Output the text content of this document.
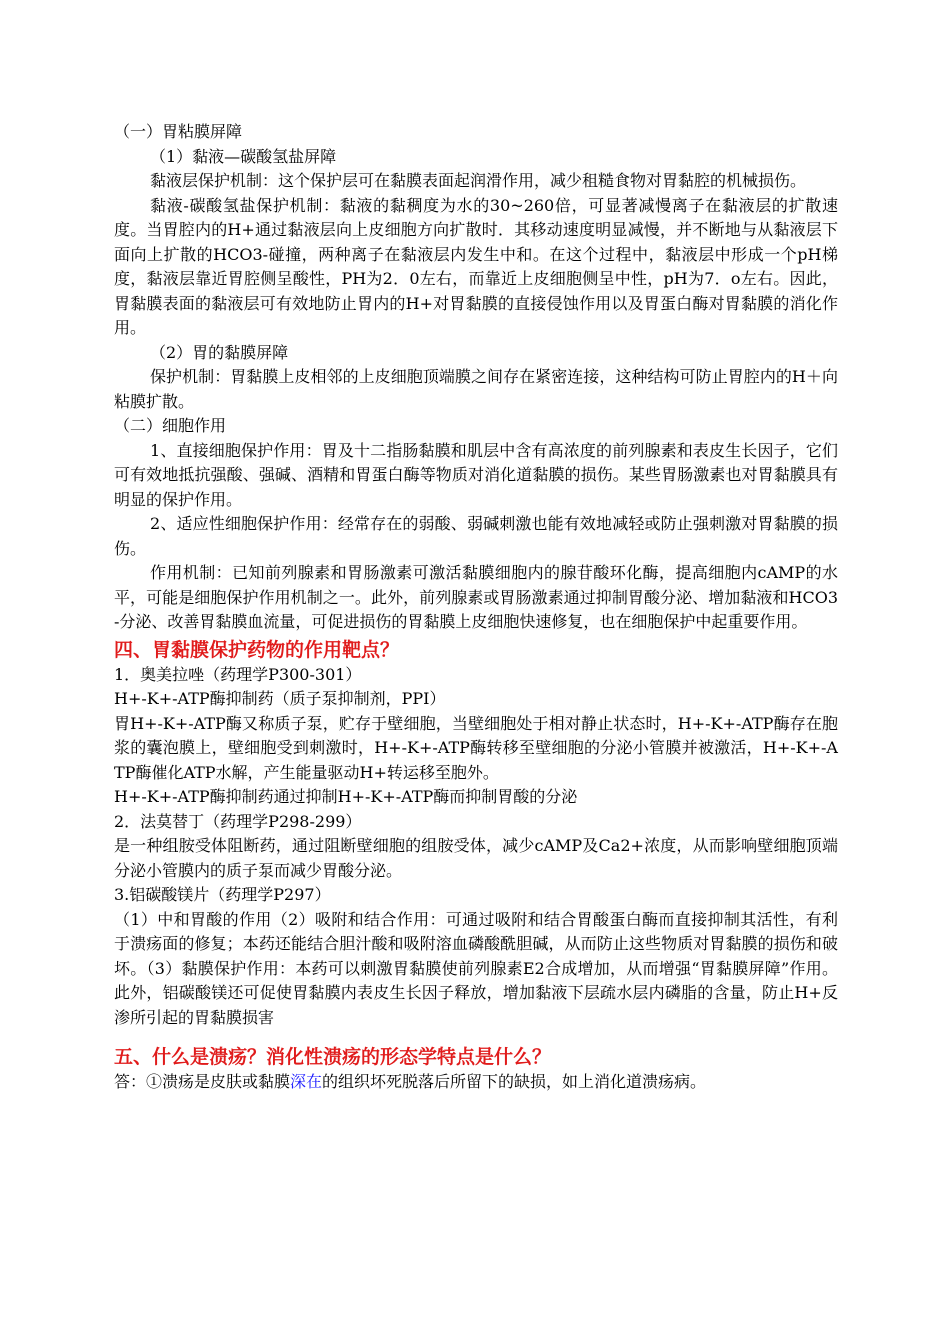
（一）胃粘膜屏障

（1）黏液—碳酸氢盐屏障

黏液层保护机制：这个保护层可在黏膜表面起润滑作用，减少租糙食物对胃黏腔的机械损伤。

黏液-碳酸氢盐保护机制：黏液的黏稠度为水的30~260倍，可显著减慢离子在黏液层的扩散速度。当胃腔内的H+通过黏液层向上皮细胞方向扩散时．其移动速度明显减慢，并不断地与从黏液层下面向上扩散的HCO3-碰撞，两种离子在黏液层内发生中和。在这个过程中，黏液层中形成一个pH梯度，黏液层靠近胃腔侧呈酸性，PH为2．0左右，而靠近上皮细胞侧呈中性，pH为7．o左右。因此，胃黏膜表面的黏液层可有效地防止胃内的H+对胃黏膜的直接侵蚀作用以及胃蛋白酶对胃黏膜的消化作用。

（2）胃的黏膜屏障

保护机制：胃黏膜上皮相邻的上皮细胞顶端膜之间存在紧密连接，这种结构可防止胃腔内的H＋向粘膜扩散。

（二）细胞作用

1、直接细胞保护作用：胃及十二指肠黏膜和肌层中含有高浓度的前列腺素和表皮生长因子，它们可有效地抵抗强酸、强碱、酒精和胃蛋白酶等物质对消化道黏膜的损伤。某些胃肠激素也对胃黏膜具有明显的保护作用。

2、适应性细胞保护作用：经常存在的弱酸、弱碱刺激也能有效地减轻或防止强刺激对胃黏膜的损伤。

作用机制：已知前列腺素和胃肠激素可激活黏膜细胞内的腺苷酸环化酶，提高细胞内cAMP的水平，可能是细胞保护作用机制之一。此外，前列腺素或胃肠激素通过抑制胃酸分泌、增加黏液和HCO3-分泌、改善胃黏膜血流量，可促进损伤的胃黏膜上皮细胞快速修复，也在细胞保护中起重要作用。

四、胃黏膜保护药物的作用靶点？

1．奥美拉唑（药理学P300-301）

H+-K+-ATP酶抑制药（质子泵抑制剂，PPI）

胃H+-K+-ATP酶又称质子泵，贮存于壁细胞，当壁细胞处于相对静止状态时，H+-K+-ATP酶存在胞浆的囊泡膜上，壁细胞受到刺激时，H+-K+-ATP酶转移至壁细胞的分泌小管膜并被激活，H+-K+-ATP酶催化ATP水解，产生能量驱动H+转运移至胞外。

H+-K+-ATP酶抑制药通过抑制H+-K+-ATP酶而抑制胃酸的分泌

2．法莫替丁（药理学P298-299）

是一种组胺受体阻断药，通过阻断壁细胞的组胺受体，减少cAMP及Ca2+浓度，从而影响壁细胞顶端分泌小管膜内的质子泵而减少胃酸分泌。

3.铝碳酸镁片（药理学P297）

（1）中和胃酸的作用（2）吸附和结合作用：可通过吸附和结合胃酸蛋白酶而直接抑制其活性，有利于溃疡面的修复；本药还能结合胆汁酸和吸附溶血磷酸酰胆碱，从而防止这些物质对胃黏膜的损伤和破坏。（3）黏膜保护作用：本药可以刺激胃黏膜使前列腺素E2合成增加，从而增强“胃黏膜屏障”作用。此外，铝碳酸镁还可促使胃黏膜内表皮生长因子释放，增加黏液下层疏水层内磷脂的含量，防止H+反渗所引起的胃黏膜损害

五、什么是溃疡？消化性溃疡的形态学特点是什么？

答：①溃疡是皮肤或黏膜深在的组织坏死脱落后所留下的缺损，如上消化道溃疡病。
